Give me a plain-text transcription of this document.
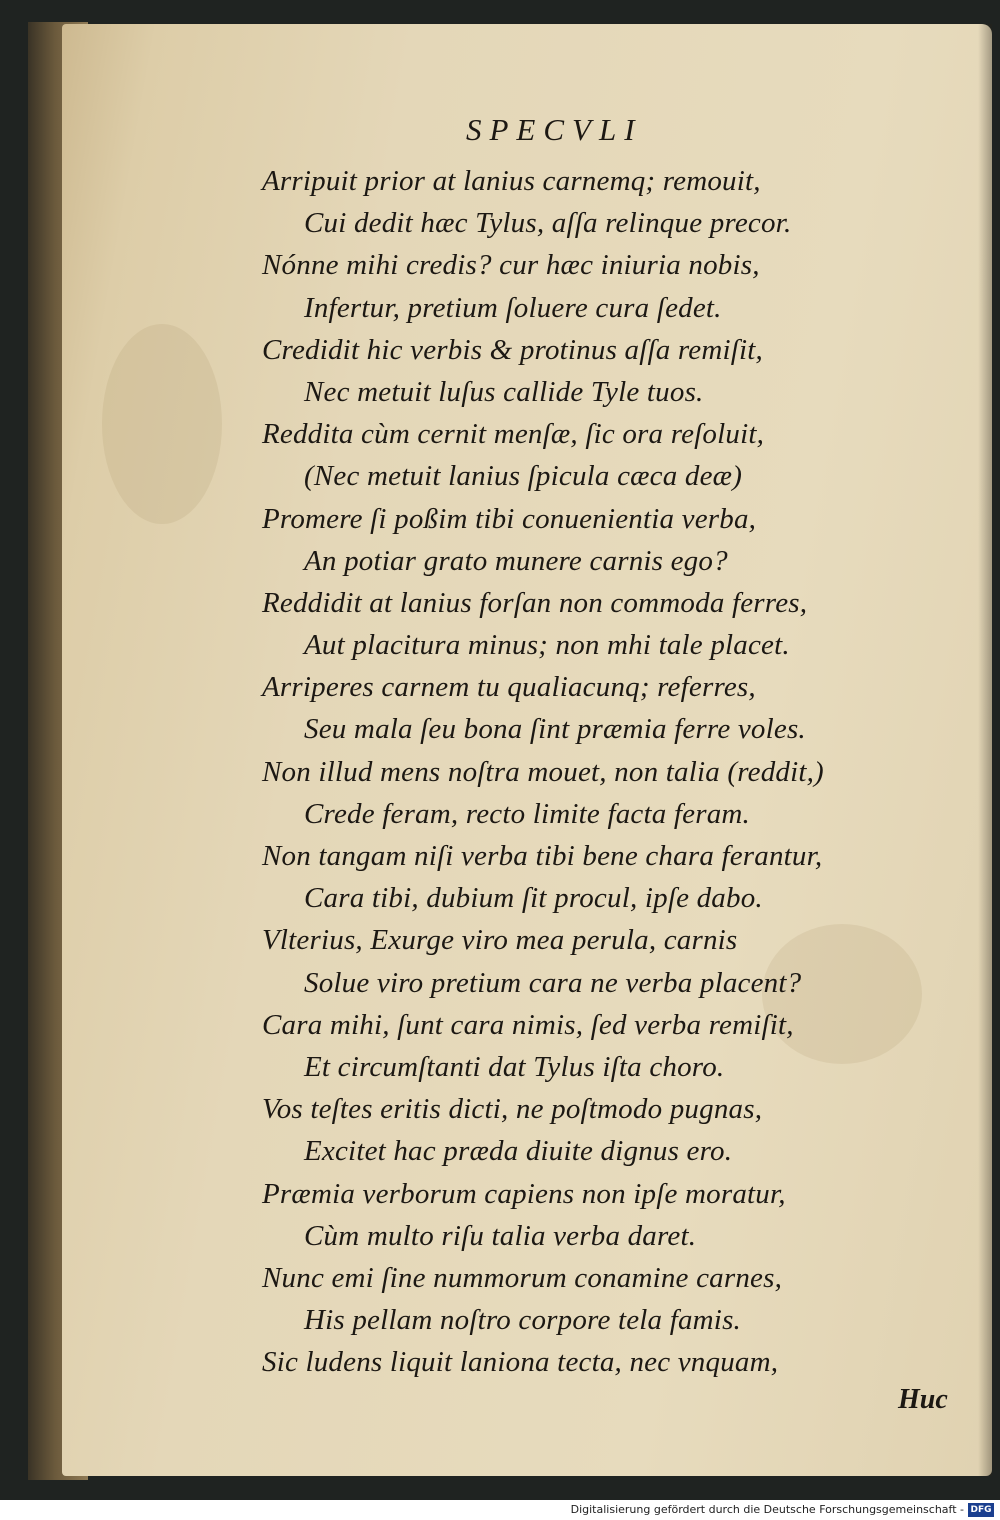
SPECVLI
Arripuit prior at lanius carnemq; remouit,
Cui dedit hæc Tylus, aſſa relinque precor.
Nónne mihi credis? cur hæc iniuria nobis,
Infertur, pretium ſoluere cura ſedet.
Credidit hic verbis & protinus aſſa remiſit,
Nec metuit luſus callide Tyle tuos.
Reddita cùm cernit menſæ, ſic ora reſoluit,
(Nec metuit lanius ſpicula cæca deæ)
Promere ſi poßim tibi conuenientia verba,
An potiar grato munere carnis ego?
Reddidit at lanius forſan non commoda ferres,
Aut placitura minus; non mhi tale placet.
Arriperes carnem tu qualiacunq; referres,
Seu mala ſeu bona ſint præmia ferre voles.
Non illud mens noſtra mouet, non talia (reddit,)
Crede feram, recto limite facta feram.
Non tangam niſi verba tibi bene chara ferantur,
Cara tibi, dubium ſit procul, ipſe dabo.
Vlterius, Exurge viro mea perula, carnis
Solue viro pretium cara ne verba placent?
Cara mihi, ſunt cara nimis, ſed verba remiſit,
Et circumſtanti dat Tylus iſta choro.
Vos teſtes eritis dicti, ne poſtmodo pugnas,
Excitet hac præda diuite dignus ero.
Præmia verborum capiens non ipſe moratur,
Cùm multo riſu talia verba daret.
Nunc emi ſine nummorum conamine carnes,
His pellam noſtro corpore tela famis.
Sic ludens liquit laniona tecta, nec vnquam,
Huc
Digitalisierung gefördert durch die Deutsche Forschungsgemeinschaft - DFG
